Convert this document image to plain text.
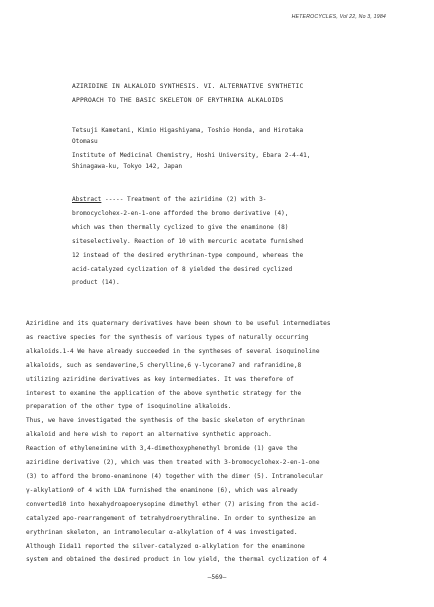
HETEROCYCLES, Vol 22, No 3, 1984
AZIRIDINE IN ALKALOID SYNTHESIS. VI. ALTERNATIVE SYNTHETIC
APPROACH TO THE BASIC SKELETON OF ERYTHRINA ALKALOIDS
Tetsuji Kametani, Kimio Higashiyama, Toshio Honda, and Hirotaka
Otomasu
Institute of Medicinal Chemistry, Hoshi University, Ebara 2-4-41,
Shinagawa-ku, Tokyo 142, Japan
Abstract ----- Treatment of the aziridine (2) with 3-
bromocyclohex-2-en-1-one afforded the bromo derivative (4),
which was then thermally cyclized to give the enaminone (8)
siteselectively. Reaction of 10 with mercuric acetate furnished
12 instead of the desired erythrinan-type compound, whereas the
acid-catalyzed cyclization of 8 yielded the desired cyclized
product (14).
Aziridine and its quaternary derivatives have been shown to be useful intermediates
as reactive species for the synthesis of various types of naturally occurring
alkaloids.1-4 We have already succeeded in the syntheses of several isoquinoline
alkaloids, such as sendaverine,5 cherylline,6 γ-lycorane7 and rafranidine,8
utilizing aziridine derivatives as key intermediates. It was therefore of
interest to examine the application of the above synthetic strategy for the
preparation of the other type of isoquinoline alkaloids.
Thus, we have investigated the synthesis of the basic skeleton of erythrinan
alkaloid and here wish to report an alternative synthetic approach.
Reaction of ethyleneimine with 3,4-dimethoxyphenethyl bromide (1) gave the
aziridine derivative (2), which was then treated with 3-bromocyclohex-2-en-1-one
(3) to afford the bromo-enaminone (4) together with the dimer (5). Intramolecular
γ-alkylation9 of 4 with LDA furnished the enaminone (6), which was already
converted10 into hexahydroapoerysopine dimethyl ether (7) arising from the acid-
catalyzed apo-rearrangement of tetrahydroerythraline. In order to synthesize an
erythrinan skeleton, an intramolecular α-alkylation of 4 was investigated.
Although Iida11 reported the silver-catalyzed α-alkylation for the enaminone
system and obtained the desired product in low yield, the thermal cyclization of 4
—569—
